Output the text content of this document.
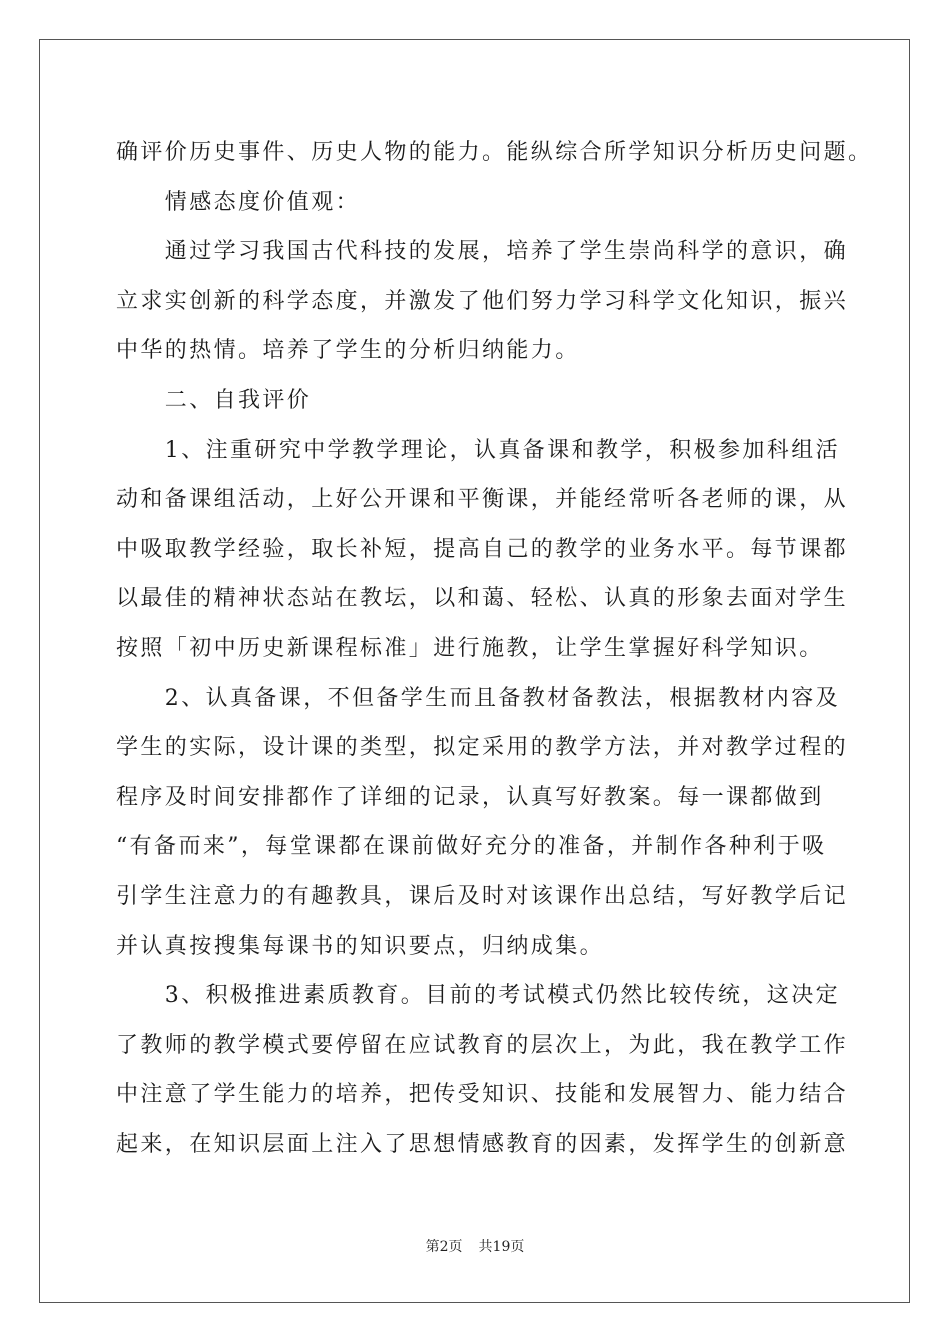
确评价历史事件、历史人物的能力。能纵综合所学知识分析历史问题。
　　情感态度价值观：
　　通过学习我国古代科技的发展，培养了学生崇尚科学的意识，确
立求实创新的科学态度，并激发了他们努力学习科学文化知识，振兴
中华的热情。培养了学生的分析归纳能力。
　　二、自我评价
　　1、注重研究中学教学理论，认真备课和教学，积极参加科组活
动和备课组活动，上好公开课和平衡课，并能经常听各老师的课，从
中吸取教学经验，取长补短，提高自己的教学的业务水平。每节课都
以最佳的精神状态站在教坛，以和蔼、轻松、认真的形象去面对学生
按照「初中历史新课程标准」进行施教，让学生掌握好科学知识。
　　2、认真备课，不但备学生而且备教材备教法，根据教材内容及
学生的实际，设计课的类型，拟定采用的教学方法，并对教学过程的
程序及时间安排都作了详细的记录，认真写好教案。每一课都做到
“有备而来”，每堂课都在课前做好充分的准备，并制作各种利于吸
引学生注意力的有趣教具，课后及时对该课作出总结，写好教学后记
并认真按搜集每课书的知识要点，归纳成集。
　　3、积极推进素质教育。目前的考试模式仍然比较传统，这决定
了教师的教学模式要停留在应试教育的层次上，为此，我在教学工作
中注意了学生能力的培养，把传受知识、技能和发展智力、能力结合
起来，在知识层面上注入了思想情感教育的因素，发挥学生的创新意
第2页 共19页
